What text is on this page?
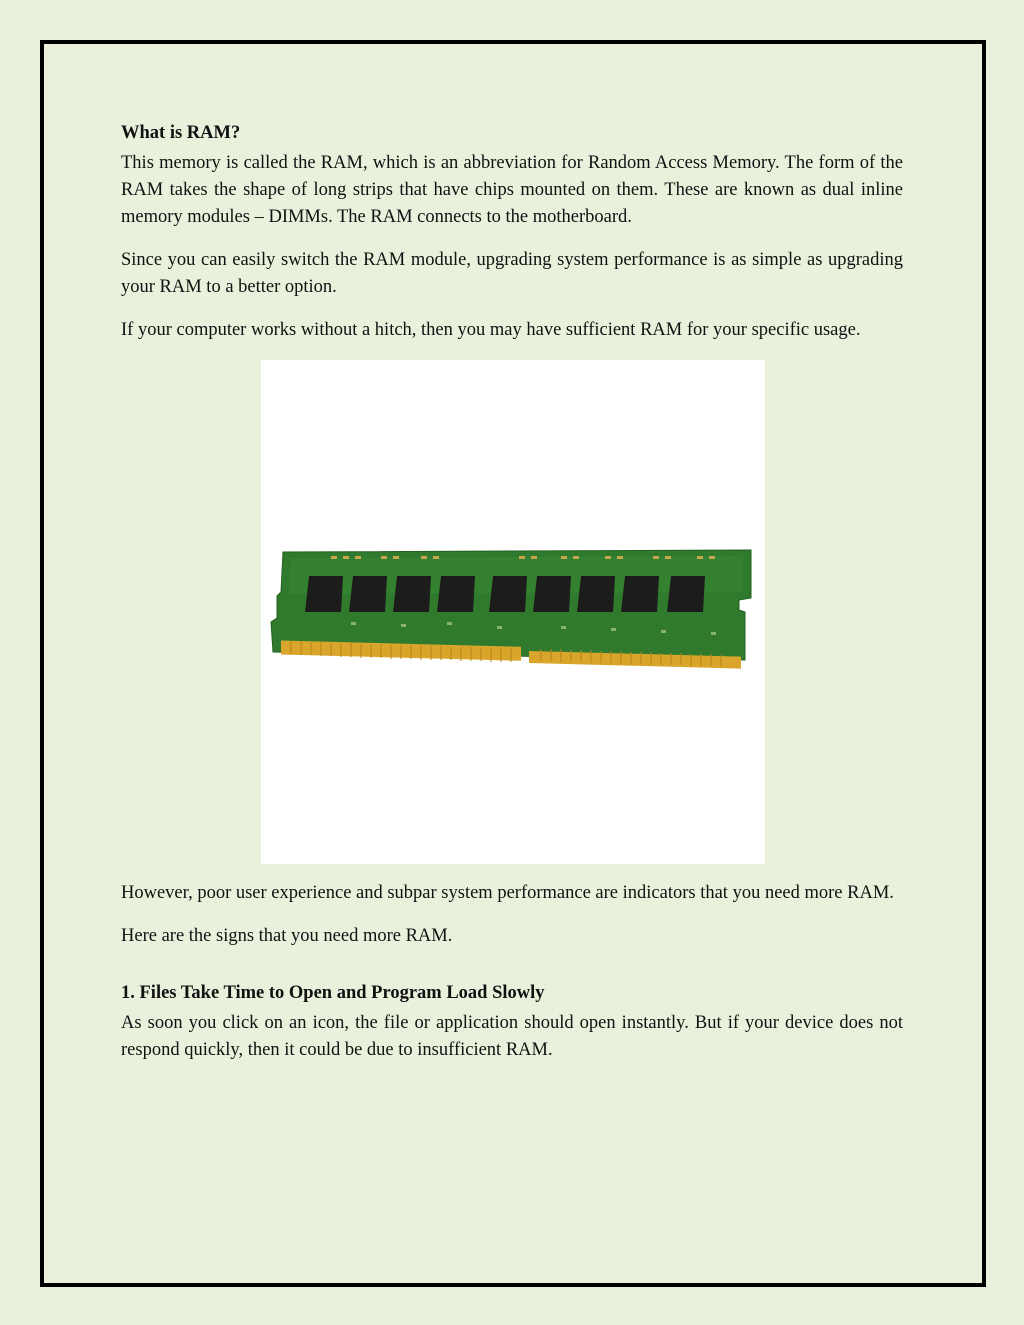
What is RAM?

This memory is called the RAM, which is an abbreviation for Random Access Memory. The form of the RAM takes the shape of long strips that have chips mounted on them. These are known as dual inline memory modules – DIMMs. The RAM connects to the motherboard.

Since you can easily switch the RAM module, upgrading system performance is as simple as upgrading your RAM to a better option.

If your computer works without a hitch, then you may have sufficient RAM for your specific usage.

However, poor user experience and subpar system performance are indicators that you need more RAM.

Here are the signs that you need more RAM.

1. Files Take Time to Open and Program Load Slowly

As soon you click on an icon, the file or application should open instantly. But if your device does not respond quickly, then it could be due to insufficient RAM.
